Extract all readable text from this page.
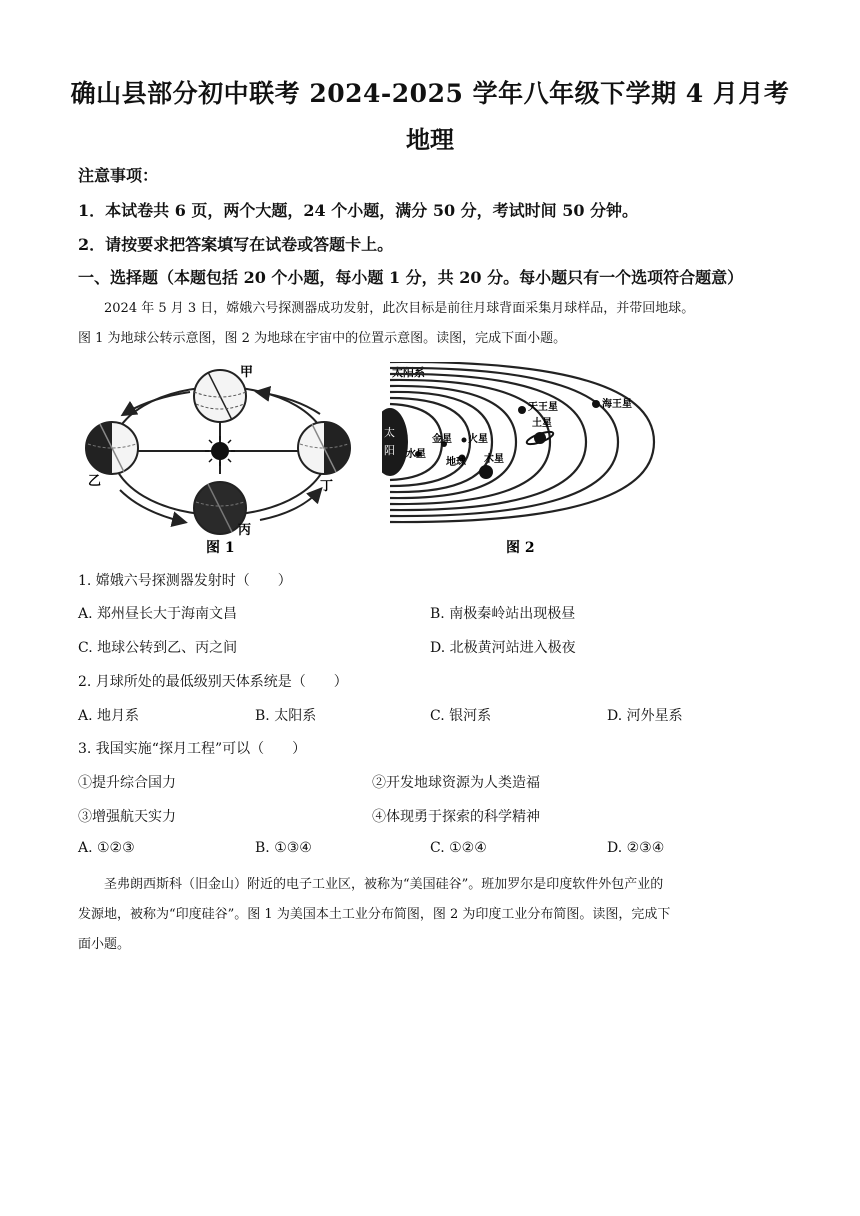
确山县部分初中联考 2024-2025 学年八年级下学期 4 月月考
地理
注意事项：
1．本试卷共 6 页，两个大题，24 个小题，满分 50 分，考试时间 50 分钟。
2．请按要求把答案填写在试卷或答题卡上。
一、选择题（本题包括 20 个小题，每小题 1 分，共 20 分。每小题只有一个选项符合题意）
2024 年 5 月 3 日，嫦娥六号探测器成功发射，此次目标是前往月球背面采集月球样品，并带回地球。
图 1 为地球公转示意图，图 2 为地球在宇宙中的位置示意图。读图，完成下面小题。
甲
乙	丁
丙
图 1
太阳系
太
阳 水星
金星
地球
火星
木星
土星
天王星	海王星
图 2
1. 嫦娥六号探测器发射时（　　）
A. 郑州昼长大于海南文昌	B. 南极秦岭站出现极昼
C. 地球公转到乙、丙之间	D. 北极黄河站进入极夜
2. 月球所处的最低级别天体系统是（　　）
A. 地月系	B. 太阳系	C. 银河系	D. 河外星系
3. 我国实施“探月工程”可以（　　）
①提升综合国力	②开发地球资源为人类造福
③增强航天实力	④体现勇于探索的科学精神
A. ①②③	B. ①③④	C. ①②④	D. ②③④
圣弗朗西斯科（旧金山）附近的电子工业区，被称为“美国硅谷”。班加罗尔是印度软件外包产业的
发源地，被称为“印度硅谷”。图 1 为美国本土工业分布简图，图 2 为印度工业分布简图。读图，完成下
面小题。
